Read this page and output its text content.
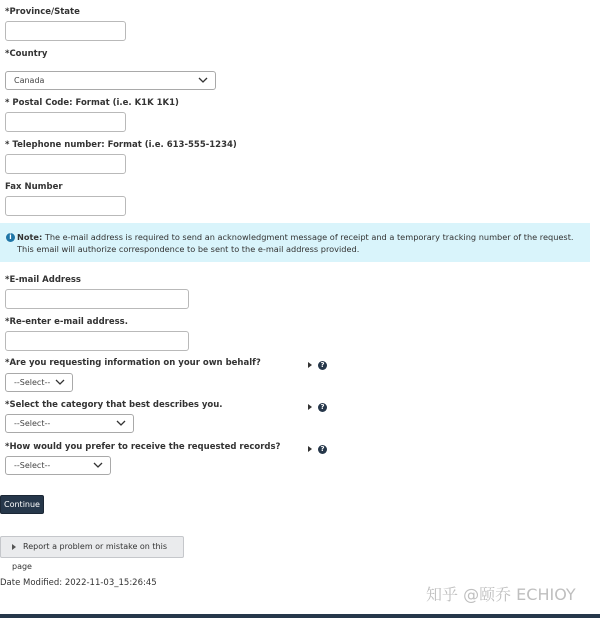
*Province/State
*Country
Canada
* Postal Code: Format (i.e. K1K 1K1)
* Telephone number: Format (i.e. 613-555-1234)
Fax Number
i Note: The e-mail address is required to send an acknowledgment message of receipt and a temporary tracking number of the request. This email will authorize correspondence to be sent to the e-mail address provided.
*E-mail Address
*Re-enter e-mail address.
*Are you requesting information on your own behalf?	?
--Select--
*Select the category that best describes you.	?
--Select--
*How would you prefer to receive the requested records?	?
--Select--
Continue
Report a problem or mistake on this page
Date Modified: 2022-11-03_15:26:45
知乎 @颐乔 ECHIOY
